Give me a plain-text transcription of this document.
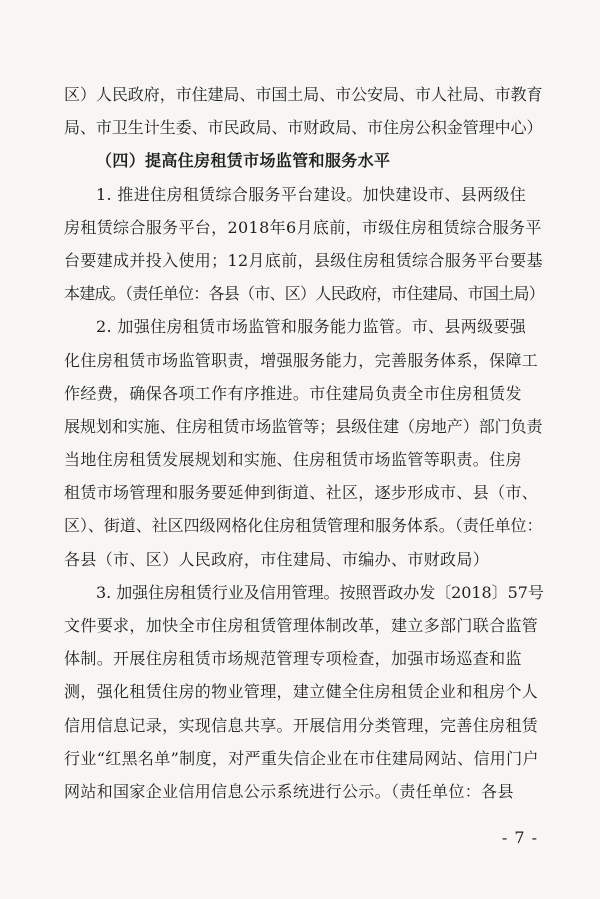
区）人民政府，市住建局、市国土局、市公安局、市人社局、市教育
局、市卫生计生委、市民政局、市财政局、市住房公积金管理中心）
（四）提高住房租赁市场监管和服务水平
1. 推进住房租赁综合服务平台建设。加快建设市、县两级住
房租赁综合服务平台，2018年6月底前，市级住房租赁综合服务平
台要建成并投入使用；12月底前，县级住房租赁综合服务平台要基
本建成。（责任单位：各县（市、区）人民政府，市住建局、市国土局）
2. 加强住房租赁市场监管和服务能力监管。市、县两级要强
化住房租赁市场监管职责，增强服务能力，完善服务体系，保障工
作经费，确保各项工作有序推进。市住建局负责全市住房租赁发
展规划和实施、住房租赁市场监管等；县级住建（房地产）部门负责
当地住房租赁发展规划和实施、住房租赁市场监管等职责。住房
租赁市场管理和服务要延伸到街道、社区，逐步形成市、县（市、
区）、街道、社区四级网格化住房租赁管理和服务体系。（责任单位：
各县（市、区）人民政府，市住建局、市编办、市财政局）
3. 加强住房租赁行业及信用管理。按照晋政办发〔2018〕57号
文件要求，加快全市住房租赁管理体制改革，建立多部门联合监管
体制。开展住房租赁市场规范管理专项检查，加强市场巡查和监
测，强化租赁住房的物业管理，建立健全住房租赁企业和租房个人
信用信息记录，实现信息共享。开展信用分类管理，完善住房租赁
行业“红黑名单”制度，对严重失信企业在市住建局网站、信用门户
网站和国家企业信用信息公示系统进行公示。（责任单位：各县
- 7 -
